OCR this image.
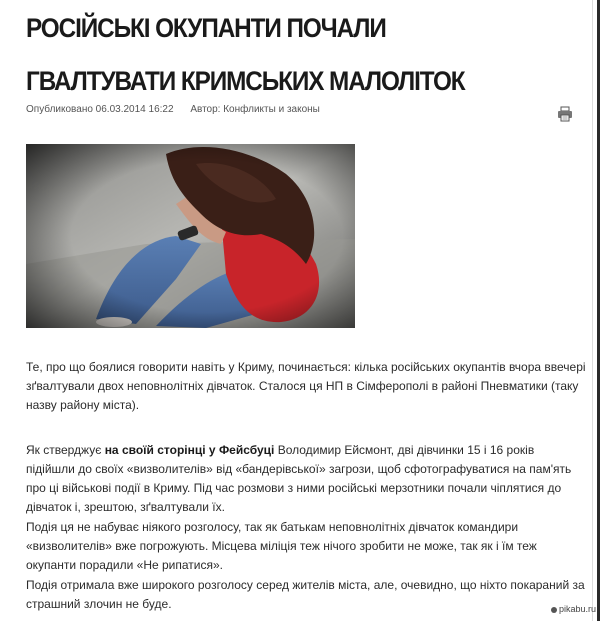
РОСІЙСЬКІ ОКУПАНТИ ПОЧАЛИ ГВАЛТУВАТИ КРИМСЬКИХ МАЛОЛІТОК
Опубликовано 06.03.2014 16:22 Автор: Конфликты и законы

Те, про що боялися говорити навіть у Криму, починається: кілька російських окупантів вчора ввечері зґвалтували двох неповнолітніх дівчаток. Сталося ця НП в Сімферополі в районі Пневматики (таку назву району міста).

Як стверджує на своїй сторінці у Фейсбуці Володимир Ейсмонт, дві дівчинки 15 і 16 років підійшли до своїх «визволителів» від «бандерівської» загрози, щоб сфотографуватися на пам'ять про ці військові події в Криму. Під час розмови з ними російські мерзотники почали чіплятися до дівчаток і, зрештою, зґвалтували їх.

Подія ця не набуває ніякого розголосу, так як батькам неповнолітніх дівчаток командири «визволителів» вже погрожують. Місцева міліція теж нічого зробити не може, так як і їм теж окупанти порадили «Не рипатися».

Подія отримала вже широкого розголосу серед жителів міста, але, очевидно, що ніхто покараний за страшний злочин не буде.	pikabu.ru
